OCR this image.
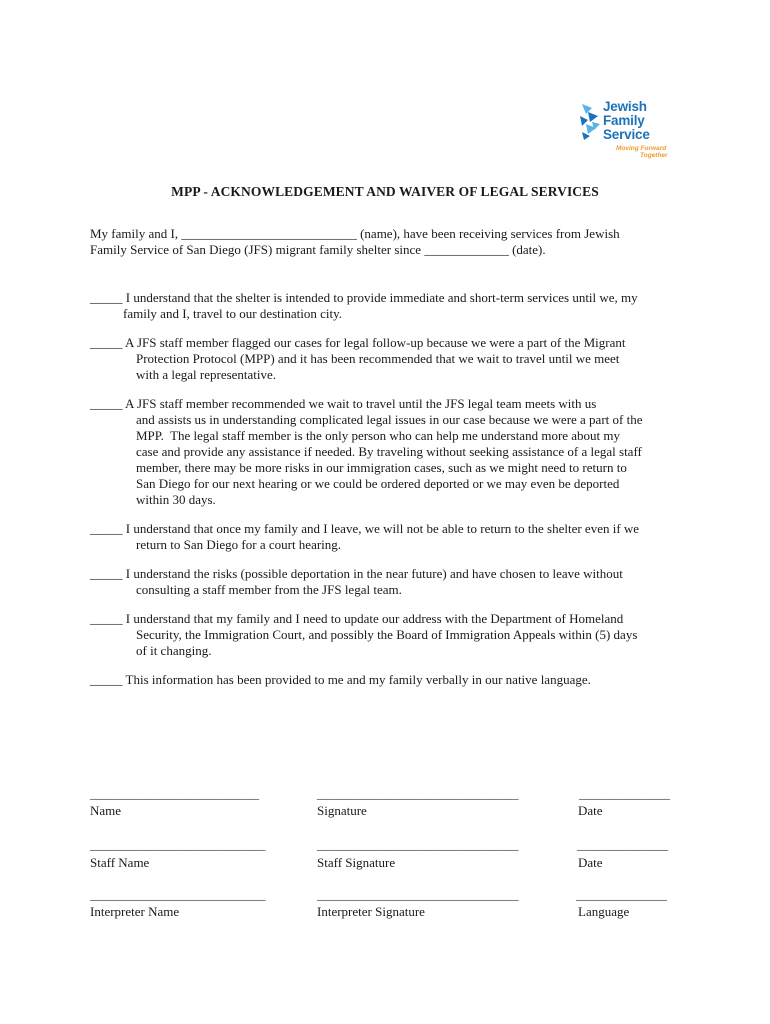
Jewish
Family
Service
Moving Forward
Together
MPP - ACKNOWLEDGEMENT AND WAIVER OF LEGAL SERVICES
My family and I, ___________________________ (name), have been receiving services from Jewish
Family Service of San Diego (JFS) migrant family shelter since _____________ (date).
_____ I understand that the shelter is intended to provide immediate and short-term services until we, my
family and I, travel to our destination city.
_____ A JFS staff member flagged our cases for legal follow-up because we were a part of the Migrant
Protection Protocol (MPP) and it has been recommended that we wait to travel until we meet
with a legal representative.
_____ A JFS staff member recommended we wait to travel until the JFS legal team meets with us
and assists us in understanding complicated legal issues in our case because we were a part of the
MPP.  The legal staff member is the only person who can help me understand more about my
case and provide any assistance if needed. By traveling without seeking assistance of a legal staff
member, there may be more risks in our immigration cases, such as we might need to return to
San Diego for our next hearing or we could be ordered deported or we may even be deported
within 30 days.
_____ I understand that once my family and I leave, we will not be able to return to the shelter even if we
return to San Diego for a court hearing.
_____ I understand the risks (possible deportation in the near future) and have chosen to leave without
consulting a staff member from the JFS legal team.
_____ I understand that my family and I need to update our address with the Department of Homeland
Security, the Immigration Court, and possibly the Board of Immigration Appeals within (5) days
of it changing.
_____ This information has been provided to me and my family verbally in our native language.
__________________________	_______________________________	______________
Name	Signature	Date
___________________________	_______________________________	______________
Staff Name	Staff Signature	Date
___________________________	_______________________________	______________
Interpreter Name	Interpreter Signature	Language
